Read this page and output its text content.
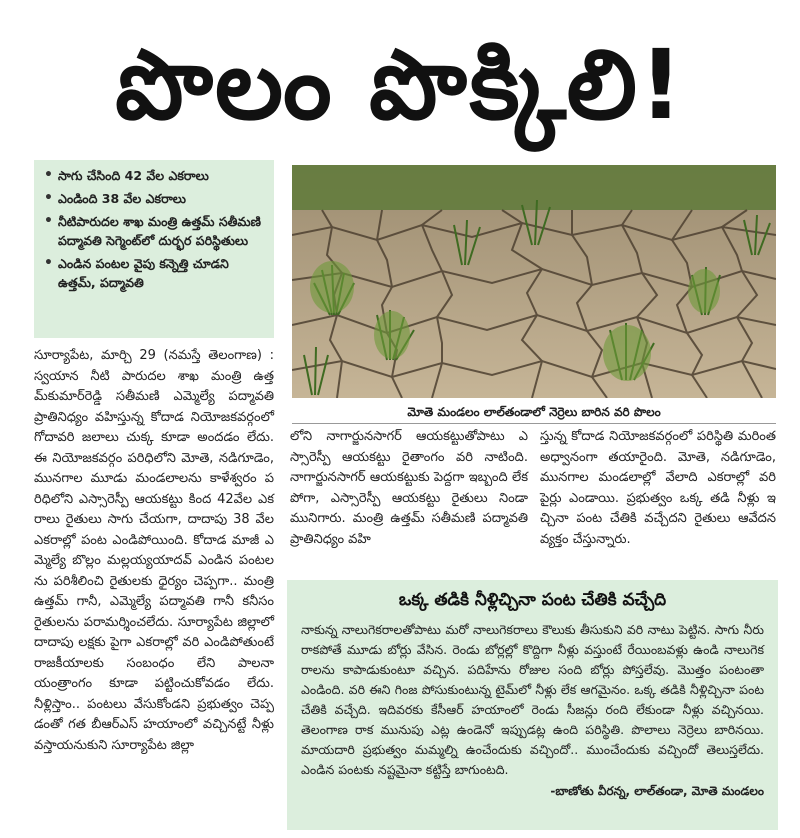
పొలం పొక్కిలి!
• సాగు చేసింది 42 వేల ఎకరాలు
• ఎండింది 38 వేల ఎకరాలు
• నీటిపారుదల శాఖ మంత్రి ఉత్తమ్ సతీమణి పద్మావతి సెగ్మెంట్‌లో దుర్భర పరిస్థితులు
• ఎండిన పంటల వైపు కన్నెత్తి చూడని ఉత్తమ్, పద్మావతి
మోతె మండలం లాల్‌తండాలో నెర్రెలు బారిన వరి పొలం

సూర్యాపేట, మార్చి 29 (నమస్తే తెలంగాణ) : స్వయాన నీటి పారుదల శాఖ మంత్రి ఉత్తమ్‌కుమార్‌రెడ్డి సతీమణి ఎమ్మెల్యే పద్మావతి ప్రాతినిధ్యం వహిస్తున్న కోదాడ నియోజకవర్గంలో గోదావరి జలాలు చుక్క కూడా అందడం లేదు. ఈ నియోజకవర్గం పరిధిలోని మోతె, నడిగూడెం, మునగాల మూడు మండలాలను కాళేశ్వరం పరిధిలోని ఎస్సారెస్పీ ఆయకట్టు కింద 42వేల ఎకరాలు రైతులు సాగు చేయగా, దాదాపు 38 వేల ఎకరాల్లో పంట ఎండిపోయింది. కోదాడ మాజీ ఎమ్మెల్యే బొల్లం మల్లయ్యయాదవ్ ఎండిన పంటలను పరిశీలించి రైతులకు ధైర్యం చెప్పగా.. మంత్రి ఉత్తమ్ గానీ, ఎమ్మెల్యే పద్మావతి గానీ కనీసం రైతులను పరామర్శించలేదు. సూర్యాపేట జిల్లాలో దాదాపు లక్షకు పైగా ఎకరాల్లో వరి ఎండిపోతుంటే రాజకీయాలకు సంబంధం లేని పాలనా యంత్రాంగం కూడా పట్టించుకోవడం లేదు. నీళ్లిస్తాం.. పంటలు వేసుకోండని ప్రభుత్వం చెప్పడంతో గత బీఆర్‌ఎస్ హయాంలో వచ్చినట్టే నీళ్లు వస్తాయనుకుని సూర్యాపేట జిల్లా

లోని నాగార్జునసాగర్ ఆయకట్టుతోపాటు ఎస్సారెస్పీ ఆయకట్టు రైతాంగం వరి నాటింది. నాగార్జునసాగర్ ఆయకట్టుకు పెద్దగా ఇబ్బంది లేకపోగా, ఎస్సారెస్పీ ఆయకట్టు రైతులు నిండా మునిగారు. మంత్రి ఉత్తమ్ సతీమణి పద్మావతి ప్రాతినిధ్యం వహి

స్తున్న కోదాడ నియోజకవర్గంలో పరిస్థితి మరింత అధ్వానంగా తయారైంది. మోతె, నడిగూడెం, మునగాల మండలాల్లో వేలాది ఎకరాల్లో వరి పైర్లు ఎండాయి. ప్రభుత్వం ఒక్క తడి నీళ్లు ఇచ్చినా పంట చేతికి వచ్చేదని రైతులు ఆవేదన వ్యక్తం చేస్తున్నారు.

ఒక్క తడికి నీళ్లిచ్చినా పంట చేతికి వచ్చేది

నాకున్న నాలుగెకరాలతోపాటు మరో నాలుగెకరాలు కౌలుకు తీసుకుని వరి నాటు పెట్టిన. సాగు నీరు రాకపోతే మూడు బోర్లు వేసిన. రెండు బోర్లల్లో కొద్దిగా నీళ్లు వస్తుంటే రేయింబవళ్లు ఉండి నాలుగెకరాలను కాపాడుకుంటూ వచ్చిన. పదిహేను రోజుల సంది బోర్లు పోస్తలేవు. మొత్తం పంటంతా ఎండింది. వరి ఈని గింజ పోసుకుంటున్న టైమ్‌లో నీళ్లు లేక ఆగమైనం. ఒక్క తడికి నీళ్లిచ్చినా పంట చేతికి వచ్చేది. ఇదివరకు కేసీఆర్ హయాంలో రెండు సీజన్లు రంది లేకుండా నీళ్లు వచ్చినయి. తెలంగాణ రాక మునుపు ఎట్ల ఉండెనో ఇప్పుడట్ల ఉంది పరిస్థితి. పొలాలు నెర్రెలు బారినయి. మాయదారి ప్రభుత్వం మమ్మల్ని ఉంచేందుకు వచ్చిందో.. ముంచేందుకు వచ్చిందో తెలుస్తలేదు. ఎండిన పంటకు నష్టమైనా కట్టిస్తే బాగుంటది.

-బాణోతు వీరన్న, లాల్‌తండా, మోతె మండలం
